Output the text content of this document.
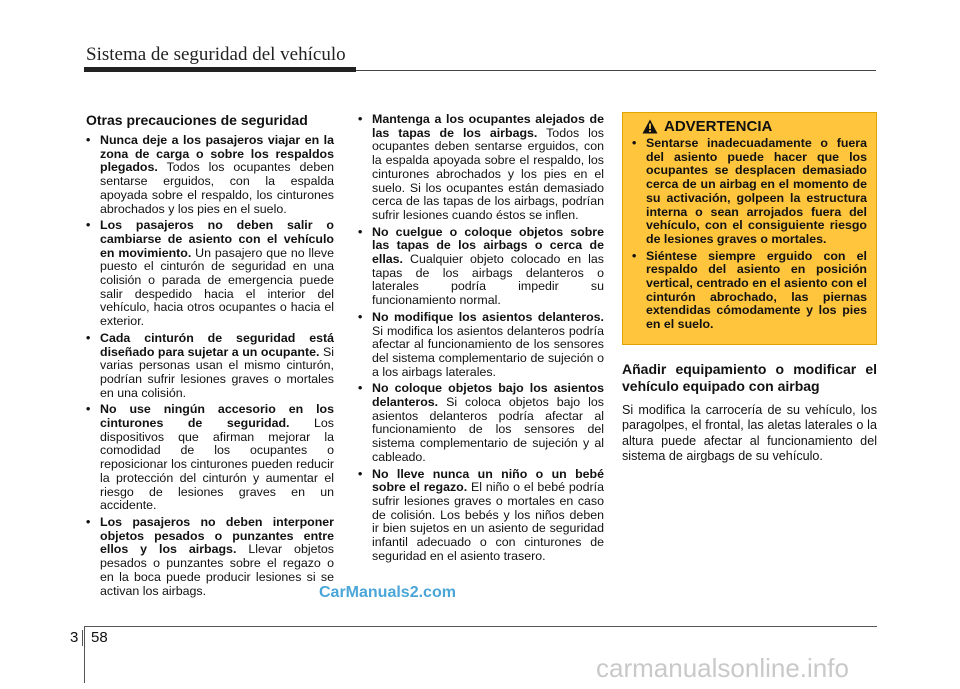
Sistema de seguridad del vehículo
Otras precauciones de seguridad
• Nunca deje a los pasajeros viajar en la zona de carga o sobre los respaldos plegados. Todos los ocupantes deben sentarse erguidos, con la espalda apoyada sobre el respaldo, los cinturones abrochados y los pies en el suelo.
• Los pasajeros no deben salir o cambiarse de asiento con el vehículo en movimiento. Un pasajero que no lleve puesto el cinturón de seguridad en una colisión o parada de emergencia puede salir despedido hacia el interior del vehículo, hacia otros ocupantes o hacia el exterior.
• Cada cinturón de seguridad está diseñado para sujetar a un ocupante. Si varias personas usan el mismo cinturón, podrían sufrir lesiones graves o mortales en una colisión.
• No use ningún accesorio en los cinturones de seguridad. Los dispositivos que afirman mejorar la comodidad de los ocupantes o reposicionar los cinturones pueden reducir la protección del cinturón y aumentar el riesgo de lesiones graves en un accidente.
• Los pasajeros no deben interponer objetos pesados o punzantes entre ellos y los airbags. Llevar objetos pesados o punzantes sobre el regazo o en la boca puede producir lesiones si se activan los airbags.
• Mantenga a los ocupantes alejados de las tapas de los airbags. Todos los ocupantes deben sentarse erguidos, con la espalda apoyada sobre el respaldo, los cinturones abrochados y los pies en el suelo. Si los ocupantes están demasiado cerca de las tapas de los airbags, podrían sufrir lesiones cuando éstos se inflen.
• No cuelgue o coloque objetos sobre las tapas de los airbags o cerca de ellas. Cualquier objeto colocado en las tapas de los airbags delanteros o laterales podría impedir su funcionamiento normal.
• No modifique los asientos delanteros. Si modifica los asientos delanteros podría afectar al funcionamiento de los sensores del sistema complementario de sujeción o a los airbags laterales.
• No coloque objetos bajo los asientos delanteros. Si coloca objetos bajo los asientos delanteros podría afectar al funcionamiento de los sensores del sistema complementario de sujeción y al cableado.
• No lleve nunca un niño o un bebé sobre el regazo. El niño o el bebé podría sufrir lesiones graves o mortales en caso de colisión. Los bebés y los niños deben ir bien sujetos en un asiento de seguridad infantil adecuado o con cinturones de seguridad en el asiento trasero.
ADVERTENCIA
• Sentarse inadecuadamente o fuera del asiento puede hacer que los ocupantes se desplacen demasiado cerca de un airbag en el momento de su activación, golpeen la estructura interna o sean arrojados fuera del vehículo, con el consiguiente riesgo de lesiones graves o mortales.
• Siéntese siempre erguido con el respaldo del asiento en posición vertical, centrado en el asiento con el cinturón abrochado, las piernas extendidas cómodamente y los pies en el suelo.
Añadir equipamiento o modificar el vehículo equipado con airbag

Si modifica la carrocería de su vehículo, los paragolpes, el frontal, las aletas laterales o la altura puede afectar al funcionamiento del sistema de airgbags de su vehículo.

CarManuals2.com
3 58
carmanualsonline.info
